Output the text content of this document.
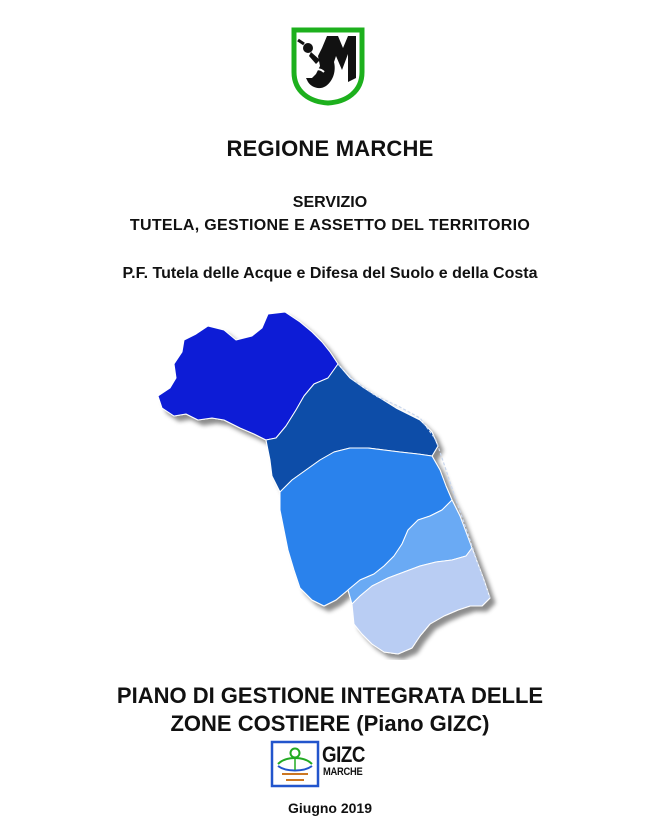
REGIONE MARCHE
SERVIZIO
TUTELA, GESTIONE E ASSETTO DEL TERRITORIO
P.F. Tutela delle Acque e Difesa del Suolo e della Costa
PIANO DI GESTIONE INTEGRATA DELLE
ZONE COSTIERE (Piano GIZC)
GIZC
MARCHE
Giugno 2019
